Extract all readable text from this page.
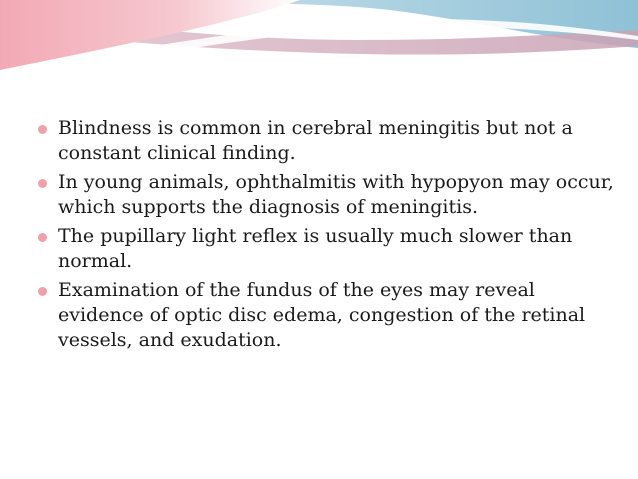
Blindness is common in cerebral meningitis but not a constant clinical finding.
In young animals, ophthalmitis with hypopyon may occur, which supports the diagnosis of meningitis.
The pupillary light reflex is usually much slower than normal.
Examination of the fundus of the eyes may reveal evidence of optic disc edema, congestion of the retinal vessels, and exudation.
